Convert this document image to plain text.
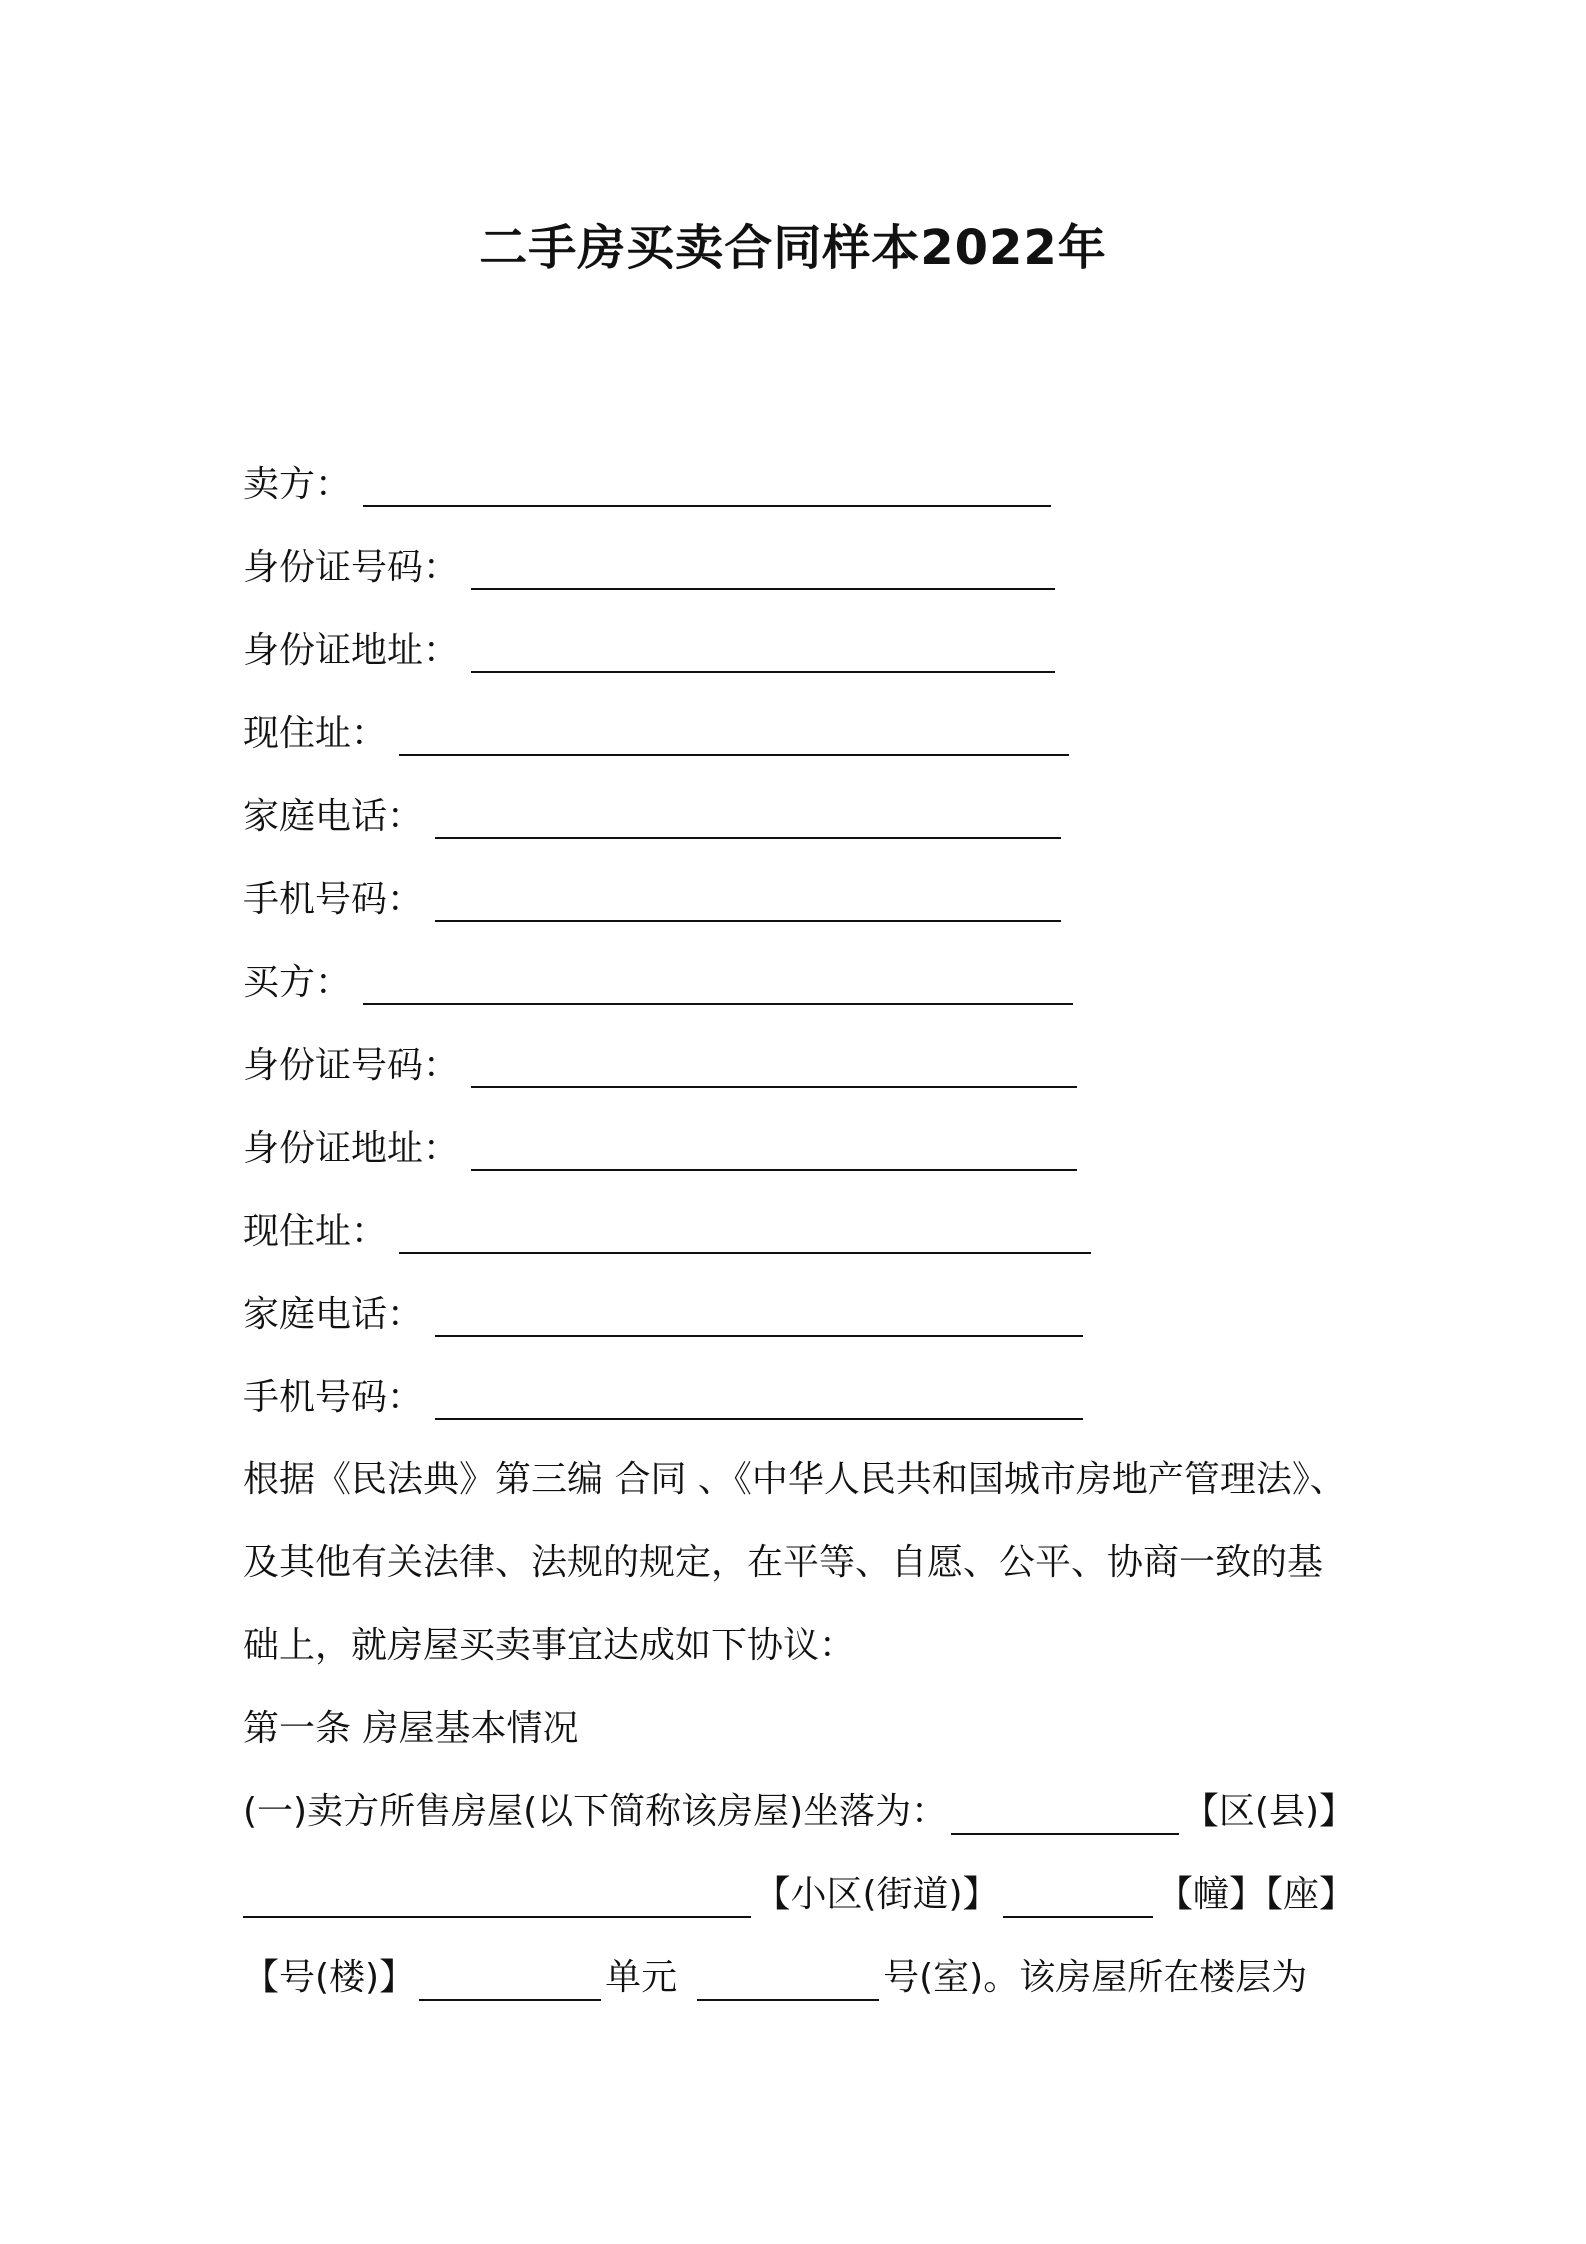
二手房买卖合同样本2022年
卖方：
身份证号码：
身份证地址：
现住址：
家庭电话：
手机号码：
买方：
身份证号码：
身份证地址：
现住址：
家庭电话：
手机号码：
根据《民法典》第三编 合同 、《中华人民共和国城市房地产管理法》、
及其他有关法律、法规的规定，在平等、自愿、公平、协商一致的基
础上，就房屋买卖事宜达成如下协议：
第一条 房屋基本情况
(一)卖方所售房屋(以下简称该房屋)坐落为：	【区(县)】
【小区(街道)】	【幢】【座】
【号(楼)】	单元	号(室)。该房屋所在楼层为
